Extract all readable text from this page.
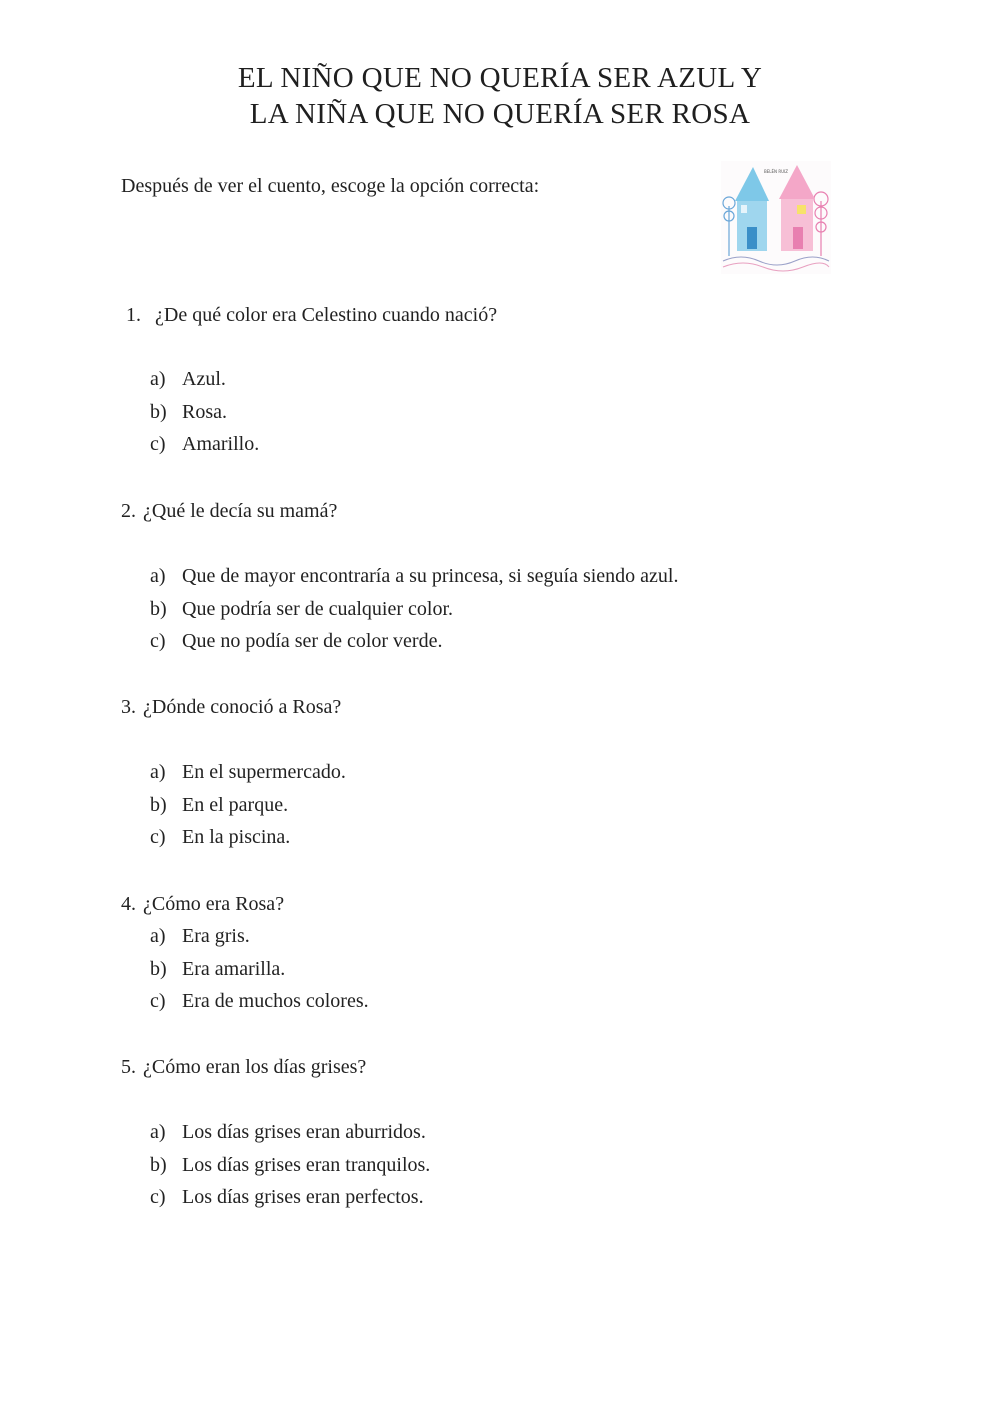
EL NIÑO QUE NO QUERÍA SER AZUL Y
LA NIÑA QUE NO QUERÍA SER ROSA
Después de ver el cuento, escoge la opción correcta:
BELÉN RUIZ
1. ¿De qué color era Celestino cuando nació?
a) Azul.
b) Rosa.
c) Amarillo.
2. ¿Qué le decía su mamá?
a) Que de mayor encontraría a su princesa, si seguía siendo azul.
b) Que podría ser de cualquier color.
c) Que no podía ser de color verde.
3. ¿Dónde conoció a Rosa?
a) En el supermercado.
b) En el parque.
c) En la piscina.
4. ¿Cómo era Rosa?
a) Era gris.
b) Era amarilla.
c) Era de muchos colores.
5. ¿Cómo eran los días grises?
a) Los días grises eran aburridos.
b) Los días grises eran tranquilos.
c) Los días grises eran perfectos.
